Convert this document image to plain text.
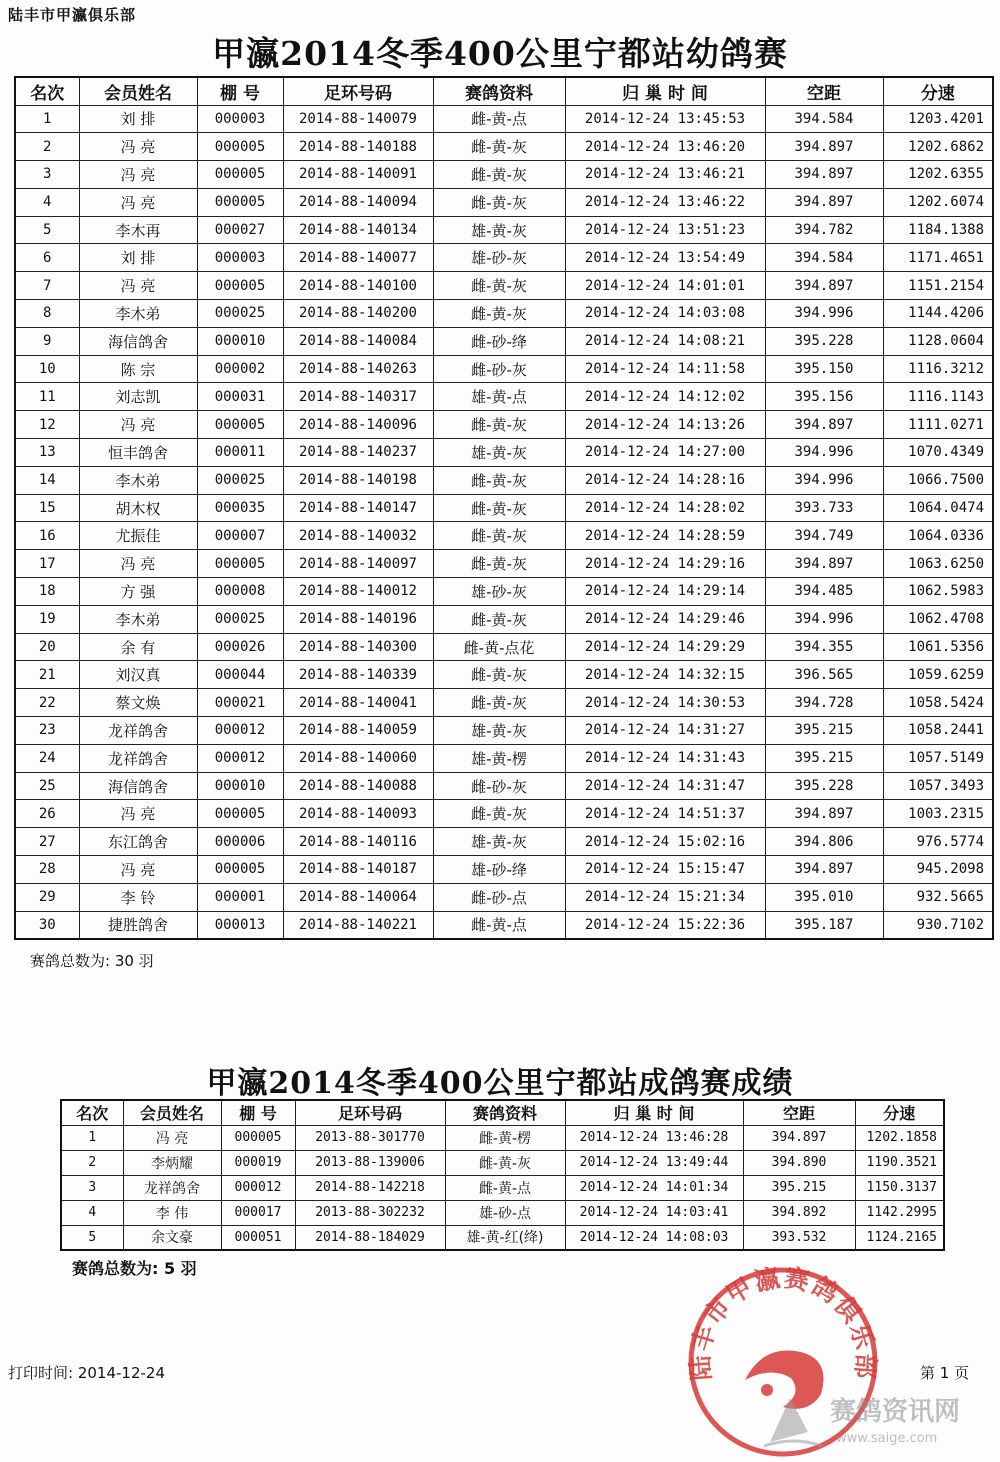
陆丰市甲瀛俱乐部
甲瀛2014冬季400公里宁都站幼鸽赛
名次	会员姓名	棚 号	足环号码	赛鸽资料	归 巢 时 间	空距	分速
1	刘 排	000003	2014-88-140079	雌-黄-点	2014-12-24 13:45:53	394.584	1203.4201
2	冯 亮	000005	2014-88-140188	雌-黄-灰	2014-12-24 13:46:20	394.897	1202.6862
3	冯 亮	000005	2014-88-140091	雌-黄-灰	2014-12-24 13:46:21	394.897	1202.6355
4	冯 亮	000005	2014-88-140094	雌-黄-灰	2014-12-24 13:46:22	394.897	1202.6074
5	李木再	000027	2014-88-140134	雄-黄-灰	2014-12-24 13:51:23	394.782	1184.1388
6	刘 排	000003	2014-88-140077	雄-砂-灰	2014-12-24 13:54:49	394.584	1171.4651
7	冯 亮	000005	2014-88-140100	雌-黄-灰	2014-12-24 14:01:01	394.897	1151.2154
8	李木弟	000025	2014-88-140200	雌-黄-灰	2014-12-24 14:03:08	394.996	1144.4206
9	海信鸽舍	000010	2014-88-140084	雌-砂-绛	2014-12-24 14:08:21	395.228	1128.0604
10	陈 宗	000002	2014-88-140263	雌-砂-灰	2014-12-24 14:11:58	395.150	1116.3212
11	刘志凯	000031	2014-88-140317	雄-黄-点	2014-12-24 14:12:02	395.156	1116.1143
12	冯 亮	000005	2014-88-140096	雌-黄-灰	2014-12-24 14:13:26	394.897	1111.0271
13	恒丰鸽舍	000011	2014-88-140237	雄-黄-灰	2014-12-24 14:27:00	394.996	1070.4349
14	李木弟	000025	2014-88-140198	雌-黄-灰	2014-12-24 14:28:16	394.996	1066.7500
15	胡木权	000035	2014-88-140147	雌-黄-灰	2014-12-24 14:28:02	393.733	1064.0474
16	尤振佳	000007	2014-88-140032	雌-黄-灰	2014-12-24 14:28:59	394.749	1064.0336
17	冯 亮	000005	2014-88-140097	雌-黄-灰	2014-12-24 14:29:16	394.897	1063.6250
18	方 强	000008	2014-88-140012	雄-砂-灰	2014-12-24 14:29:14	394.485	1062.5983
19	李木弟	000025	2014-88-140196	雌-黄-灰	2014-12-24 14:29:46	394.996	1062.4708
20	余 有	000026	2014-88-140300	雌-黄-点花	2014-12-24 14:29:29	394.355	1061.5356
21	刘汉真	000044	2014-88-140339	雌-黄-灰	2014-12-24 14:32:15	396.565	1059.6259
22	蔡文焕	000021	2014-88-140041	雌-黄-灰	2014-12-24 14:30:53	394.728	1058.5424
23	龙祥鸽舍	000012	2014-88-140059	雄-黄-灰	2014-12-24 14:31:27	395.215	1058.2441
24	龙祥鸽舍	000012	2014-88-140060	雄-黄-楞	2014-12-24 14:31:43	395.215	1057.5149
25	海信鸽舍	000010	2014-88-140088	雌-砂-灰	2014-12-24 14:31:47	395.228	1057.3493
26	冯 亮	000005	2014-88-140093	雌-黄-灰	2014-12-24 14:51:37	394.897	1003.2315
27	东江鸽舍	000006	2014-88-140116	雄-黄-灰	2014-12-24 15:02:16	394.806	976.5774
28	冯 亮	000005	2014-88-140187	雄-砂-绛	2014-12-24 15:15:47	394.897	945.2098
29	李 铃	000001	2014-88-140064	雌-砂-点	2014-12-24 15:21:34	395.010	932.5665
30	捷胜鸽舍	000013	2014-88-140221	雌-黄-点	2014-12-24 15:22:36	395.187	930.7102
赛鸽总数为: 30 羽
甲瀛2014冬季400公里宁都站成鸽赛成绩
名次	会员姓名	棚 号	足环号码	赛鸽资料	归 巢 时 间	空距	分速
1	冯 亮	000005	2013-88-301770	雌-黄-楞	2014-12-24 13:46:28	394.897	1202.1858
2	李炳耀	000019	2013-88-139006	雌-黄-灰	2014-12-24 13:49:44	394.890	1190.3521
3	龙祥鸽舍	000012	2014-88-142218	雌-黄-点	2014-12-24 14:01:34	395.215	1150.3137
4	李 伟	000017	2013-88-302232	雄-砂-点	2014-12-24 14:03:41	394.892	1142.2995
5	余文豪	000051	2014-88-184029	雄-黄-红(绛)	2014-12-24 14:08:03	393.532	1124.2165
赛鸽总数为: 5 羽
打印时间: 2014-12-24	第 1 页
陆丰市甲瀛赛鸽俱乐部
赛鸽资讯网
www.saige.com
